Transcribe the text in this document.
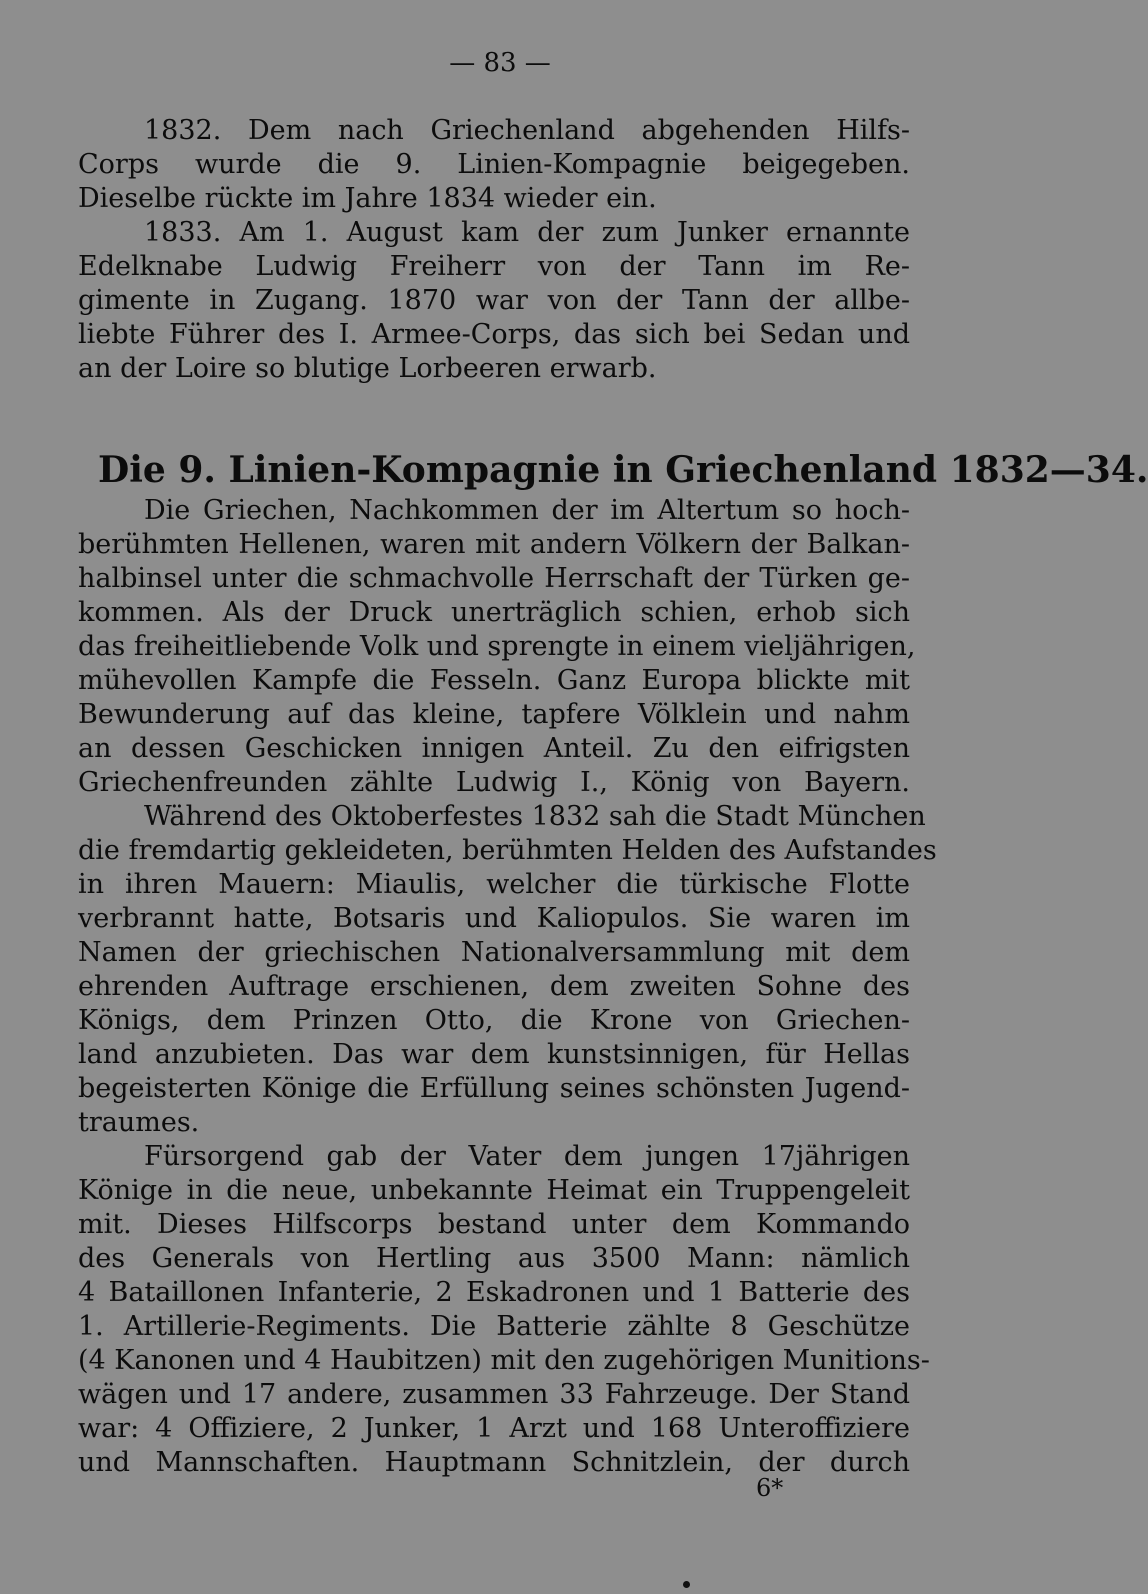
— 83 —
1832. Dem nach Griechenland abgehenden Hilfs-
Corps wurde die 9. Linien-Kompagnie beigegeben.
Dieselbe rückte im Jahre 1834 wieder ein.
1833. Am 1. August kam der zum Junker ernannte
Edelknabe Ludwig Freiherr von der Tann im Re-
gimente in Zugang. 1870 war von der Tann der allbe-
liebte Führer des I. Armee-Corps, das sich bei Sedan und
an der Loire so blutige Lorbeeren erwarb.
Die 9. Linien-Kompagnie in Griechenland 1832—34.
Die Griechen, Nachkommen der im Altertum so hoch-
berühmten Hellenen, waren mit andern Völkern der Balkan-
halbinsel unter die schmachvolle Herrschaft der Türken ge-
kommen. Als der Druck unerträglich schien, erhob sich
das freiheitliebende Volk und sprengte in einem vieljährigen,
mühevollen Kampfe die Fesseln. Ganz Europa blickte mit
Bewunderung auf das kleine, tapfere Völklein und nahm
an dessen Geschicken innigen Anteil. Zu den eifrigsten
Griechenfreunden zählte Ludwig I., König von Bayern.
Während des Oktoberfestes 1832 sah die Stadt München
die fremdartig gekleideten, berühmten Helden des Aufstandes
in ihren Mauern: Miaulis, welcher die türkische Flotte
verbrannt hatte, Botsaris und Kaliopulos. Sie waren im
Namen der griechischen Nationalversammlung mit dem
ehrenden Auftrage erschienen, dem zweiten Sohne des
Königs, dem Prinzen Otto, die Krone von Griechen-
land anzubieten. Das war dem kunstsinnigen, für Hellas
begeisterten Könige die Erfüllung seines schönsten Jugend-
traumes.
Fürsorgend gab der Vater dem jungen 17jährigen
Könige in die neue, unbekannte Heimat ein Truppengeleit
mit. Dieses Hilfscorps bestand unter dem Kommando
des Generals von Hertling aus 3500 Mann: nämlich
4 Bataillonen Infanterie, 2 Eskadronen und 1 Batterie des
1. Artillerie-Regiments. Die Batterie zählte 8 Geschütze
(4 Kanonen und 4 Haubitzen) mit den zugehörigen Munitions-
wägen und 17 andere, zusammen 33 Fahrzeuge. Der Stand
war: 4 Offiziere, 2 Junker, 1 Arzt und 168 Unteroffiziere
und Mannschaften. Hauptmann Schnitzlein, der durch
6*
